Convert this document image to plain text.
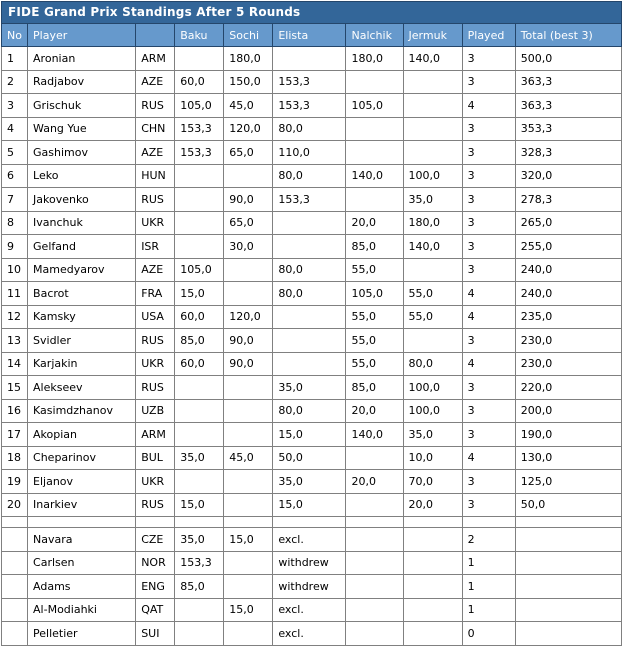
FIDE Grand Prix Standings After 5 Rounds									
No	Player		Baku	Sochi	Elista	Nalchik	Jermuk	Played	Total (best 3)
1	Aronian	ARM		180,0		180,0	140,0	3	500,0
2	Radjabov	AZE	60,0	150,0	153,3			3	363,3
3	Grischuk	RUS	105,0	45,0	153,3	105,0		4	363,3
4	Wang Yue	CHN	153,3	120,0	80,0			3	353,3
5	Gashimov	AZE	153,3	65,0	110,0			3	328,3
6	Leko	HUN			80,0	140,0	100,0	3	320,0
7	Jakovenko	RUS		90,0	153,3		35,0	3	278,3
8	Ivanchuk	UKR		65,0		20,0	180,0	3	265,0
9	Gelfand	ISR		30,0		85,0	140,0	3	255,0
10	Mamedyarov	AZE	105,0		80,0	55,0		3	240,0
11	Bacrot	FRA	15,0		80,0	105,0	55,0	4	240,0
12	Kamsky	USA	60,0	120,0		55,0	55,0	4	235,0
13	Svidler	RUS	85,0	90,0		55,0		3	230,0
14	Karjakin	UKR	60,0	90,0		55,0	80,0	4	230,0
15	Alekseev	RUS			35,0	85,0	100,0	3	220,0
16	Kasimdzhanov	UZB			80,0	20,0	100,0	3	200,0
17	Akopian	ARM			15,0	140,0	35,0	3	190,0
18	Cheparinov	BUL	35,0	45,0	50,0		10,0	4	130,0
19	Eljanov	UKR			35,0	20,0	70,0	3	125,0
20	Inarkiev	RUS	15,0		15,0		20,0	3	50,0

	Navara	CZE	35,0	15,0	excl.			2	
	Carlsen	NOR	153,3		withdrew			1	
	Adams	ENG	85,0		withdrew			1	
	Al-Modiahki	QAT		15,0	excl.			1	
	Pelletier	SUI			excl.			0	
